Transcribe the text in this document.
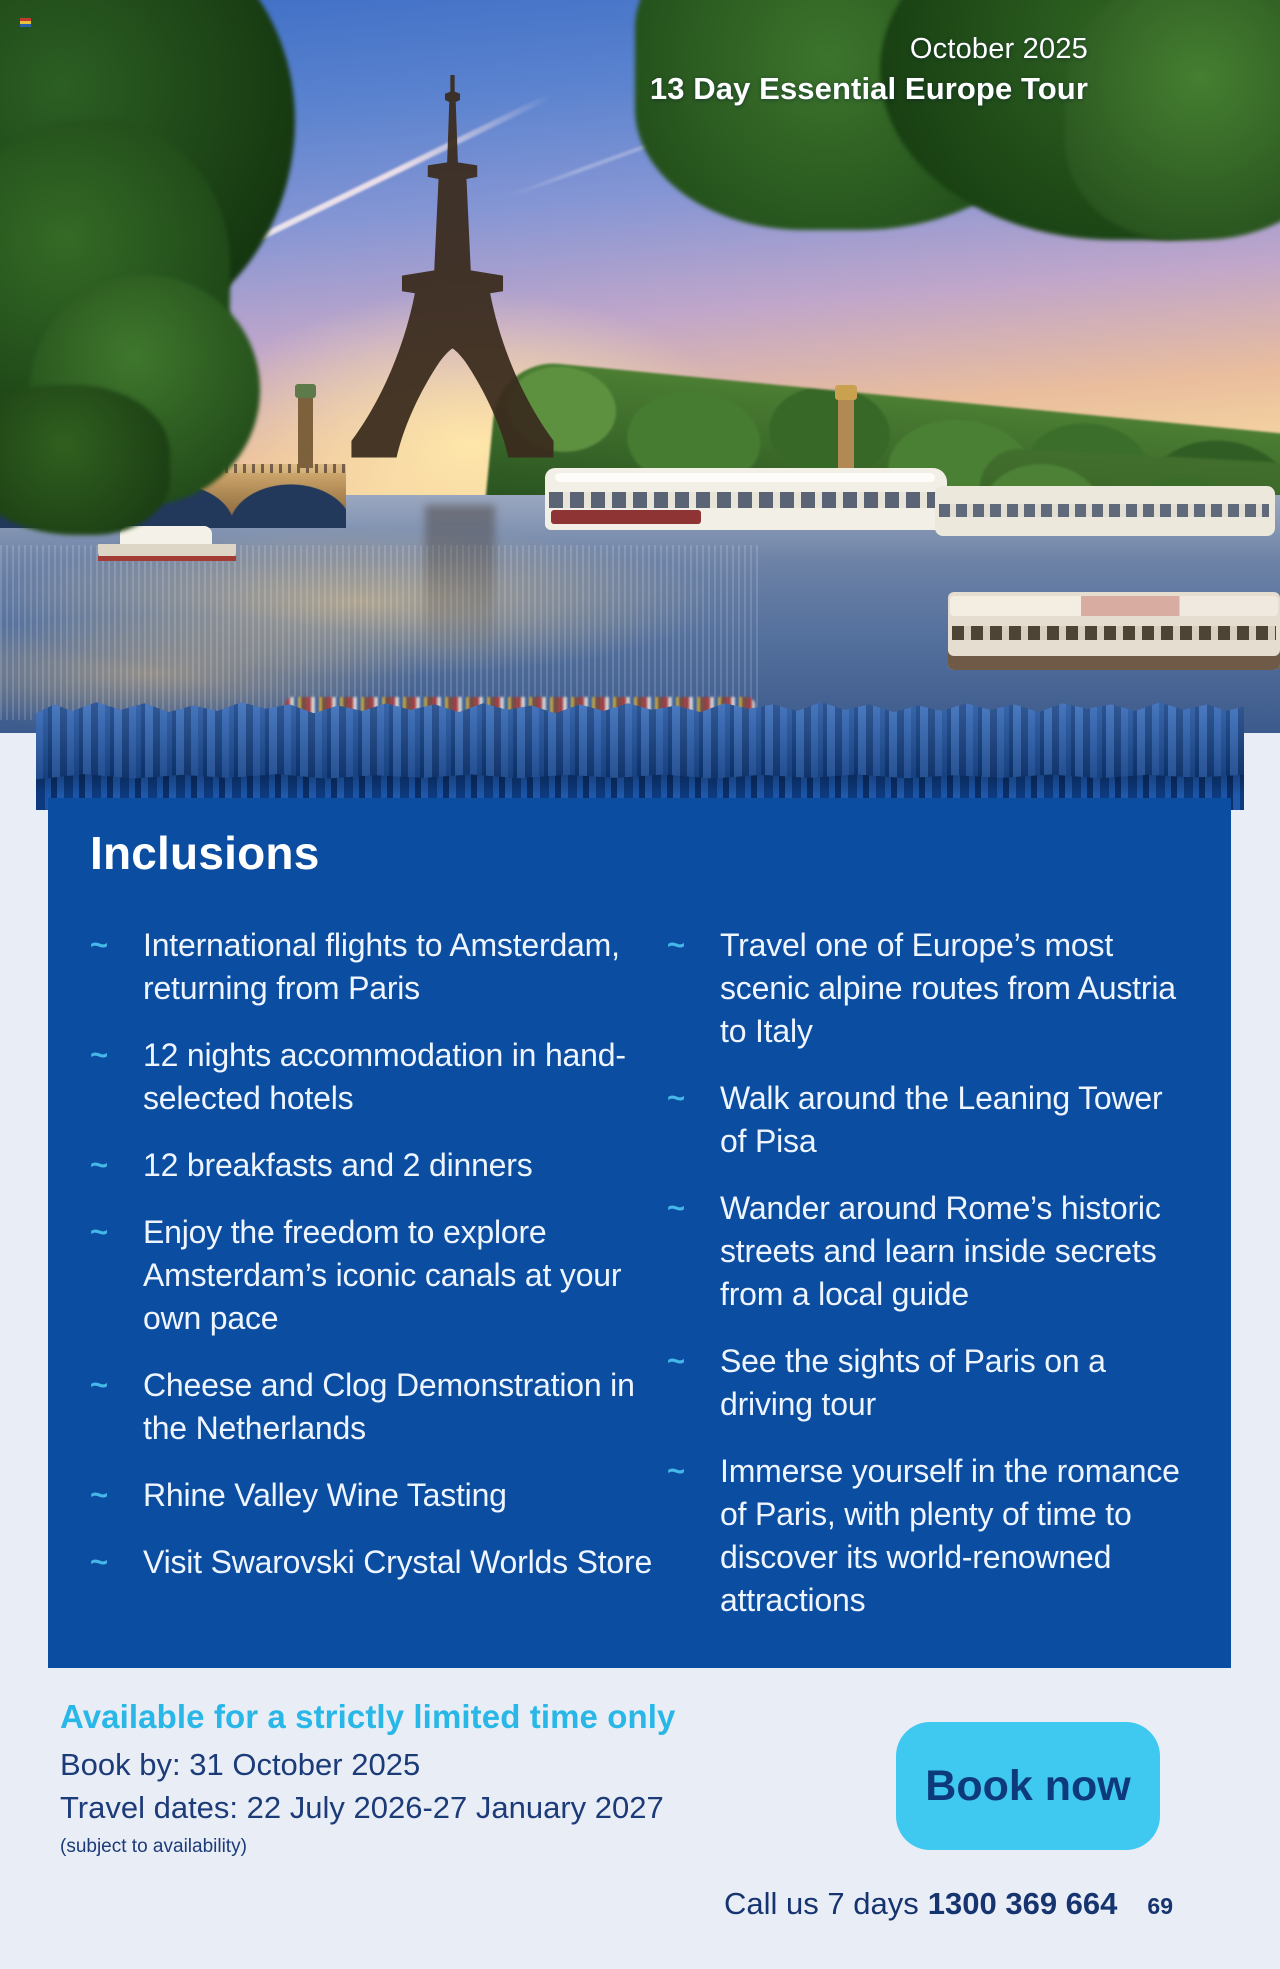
October 2025
13 Day Essential Europe Tour
Inclusions
~	International flights to Amsterdam, returning from Paris
~	12 nights accommodation in hand-selected hotels
~	12 breakfasts and 2 dinners
~	Enjoy the freedom to explore Amsterdam’s iconic canals at your own pace
~	Cheese and Clog Demonstration in the Netherlands
~	Rhine Valley Wine Tasting
~	Visit Swarovski Crystal Worlds Store
~	Travel one of Europe’s most scenic alpine routes from Austria to Italy
~	Walk around the Leaning Tower of Pisa
~	Wander around Rome’s historic streets and learn inside secrets from a local guide
~	See the sights of Paris on a driving tour
~	Immerse yourself in the romance of Paris, with plenty of time to discover its world-renowned attractions
Available for a strictly limited time only
Book by: 31 October 2025
Travel dates: 22 July 2026-27 January 2027
(subject to availability)
Book now
Call us 7 days 1300 369 664 69
